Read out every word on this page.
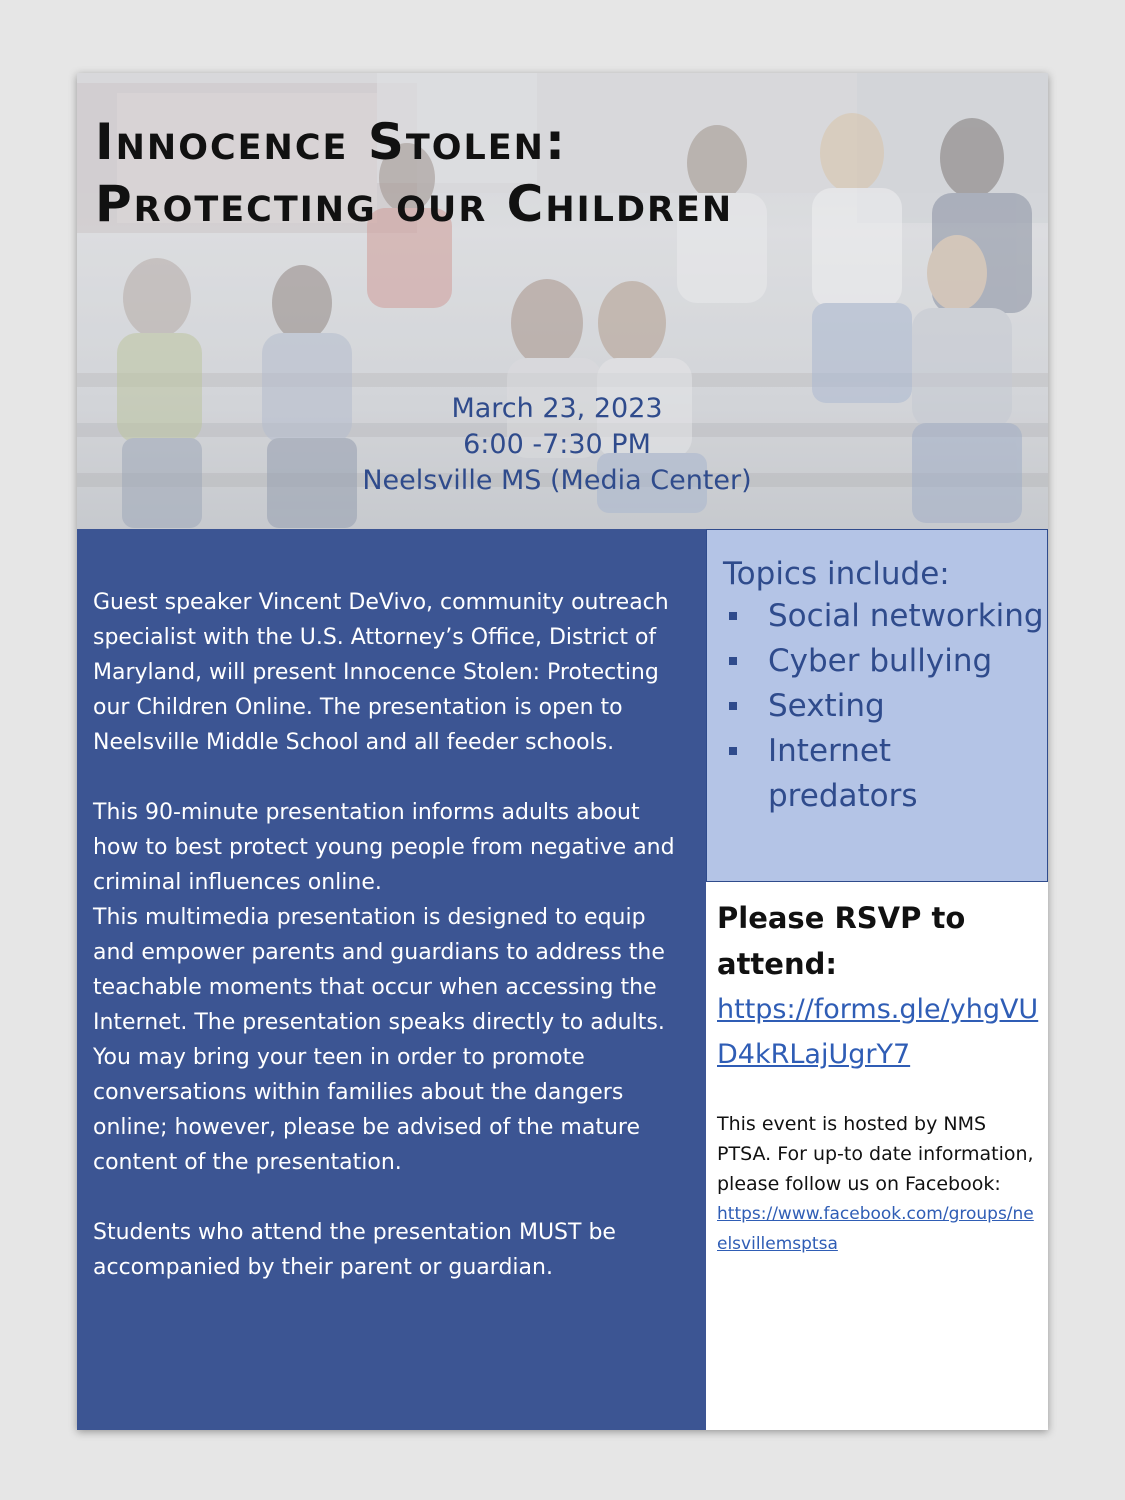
Innocence Stolen:
Protecting our Children
March 23, 2023
6:00 -7:30 PM
Neelsville MS (Media Center)

Guest speaker Vincent DeVivo, community outreach specialist with the U.S. Attorney’s Office, District of Maryland, will present Innocence Stolen: Protecting our Children Online. The presentation is open to Neelsville Middle School and all feeder schools.

This 90-minute presentation informs adults about how to best protect young people from negative and criminal influences online.

This multimedia presentation is designed to equip and empower parents and guardians to address the teachable moments that occur when accessing the Internet. The presentation speaks directly to adults. You may bring your teen in order to promote conversations within families about the dangers online; however, please be advised of the mature content of the presentation.

Students who attend the presentation MUST be accompanied by their parent or guardian.

Topics include:
Social networking
Cyber bullying
Sexting
Internet predators
Please RSVP to attend:
https://forms.gle/yhgVUD4kRLajUgrY7
This event is hosted by NMS PTSA. For up-to date information, please follow us on Facebook:
https://www.facebook.com/groups/neelsvillemsptsa
